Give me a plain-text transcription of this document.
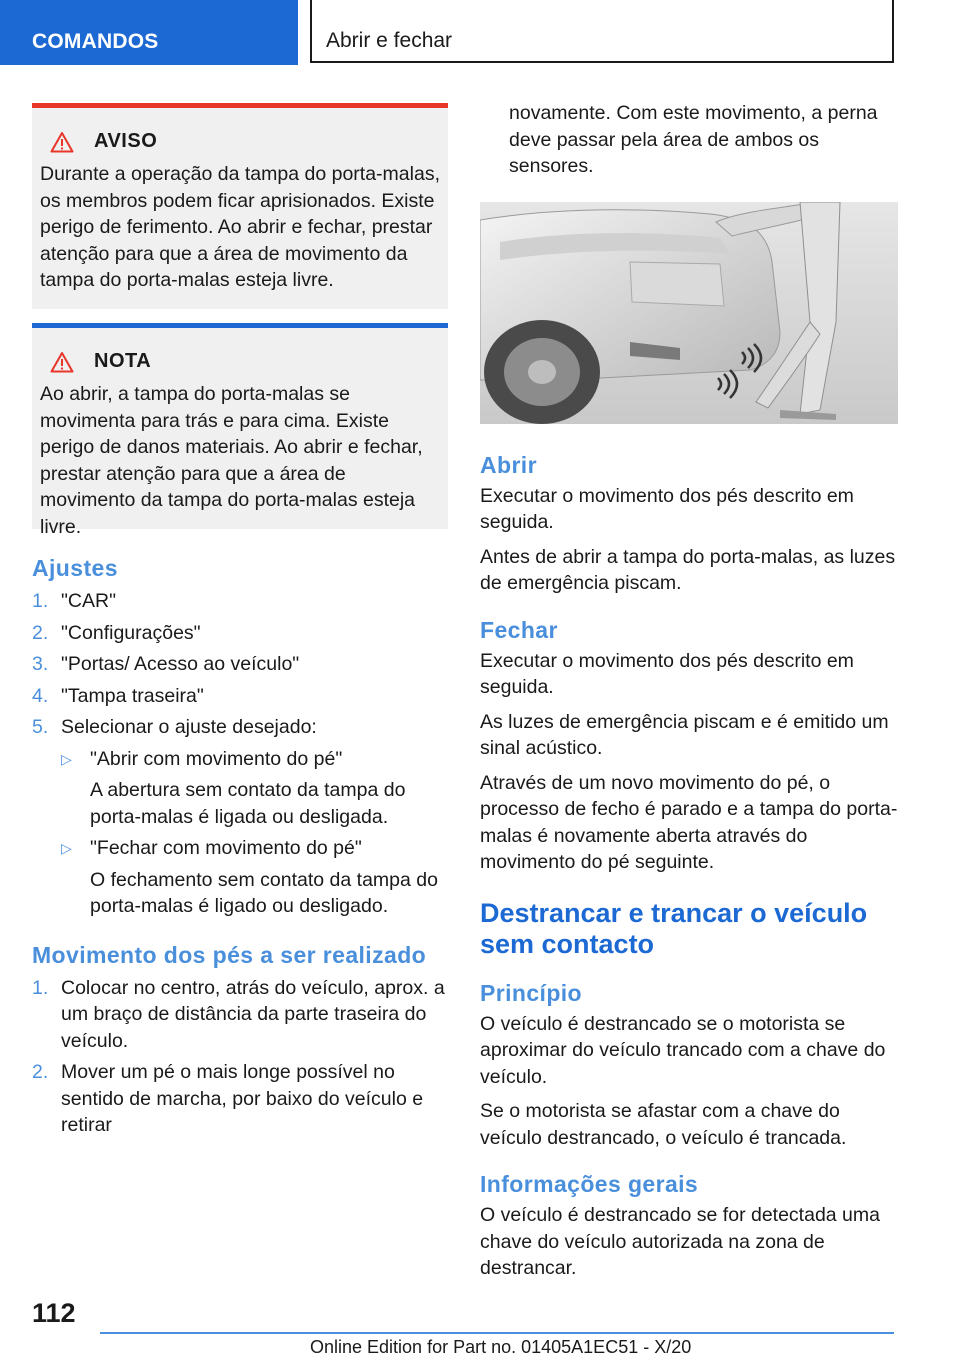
COMANDOS	Abrir e fechar
AVISO

Durante a operação da tampa do porta-malas, os membros podem ficar aprisionados. Existe perigo de ferimento. Ao abrir e fechar, prestar atenção para que a área de movimento da tampa do porta-malas esteja livre.

NOTA

Ao abrir, a tampa do porta-malas se movimenta para trás e para cima. Existe perigo de danos materiais. Ao abrir e fechar, prestar atenção para que a área de movimento da tampa do porta-malas esteja livre.

Ajustes
1. "CAR"

2. "Configurações"

3. "Portas/ Acesso ao veículo"

4. "Tampa traseira"

5. Selecionar o ajuste desejado:

▷ "Abrir com movimento do pé"

A abertura sem contato da tampa do porta-malas é ligada ou desligada.

▷ "Fechar com movimento do pé"

O fechamento sem contato da tampa do porta-malas é ligado ou desligado.

Movimento dos pés a ser realizado
1. Colocar no centro, atrás do veículo, aprox. a um braço de distância da parte traseira do veículo.

2. Mover um pé o mais longe possível no sentido de marcha, por baixo do veículo e retirar

novamente. Com este movimento, a perna deve passar pela área de ambos os sensores.

Abrir

Executar o movimento dos pés descrito em seguida.

Antes de abrir a tampa do porta-malas, as luzes de emergência piscam.

Fechar

Executar o movimento dos pés descrito em seguida.

As luzes de emergência piscam e é emitido um sinal acústico.

Através de um novo movimento do pé, o processo de fecho é parado e a tampa do porta-malas é novamente aberta através do movimento do pé seguinte.

Destrancar e trancar o veículo sem contacto
Princípio

O veículo é destrancado se o motorista se aproximar do veículo trancado com a chave do veículo.

Se o motorista se afastar com a chave do veículo destrancado, o veículo é trancada.

Informações gerais

O veículo é destrancado se for detectada uma chave do veículo autorizada na zona de destrancar.

112
Online Edition for Part no. 01405A1EC51 - X/20
